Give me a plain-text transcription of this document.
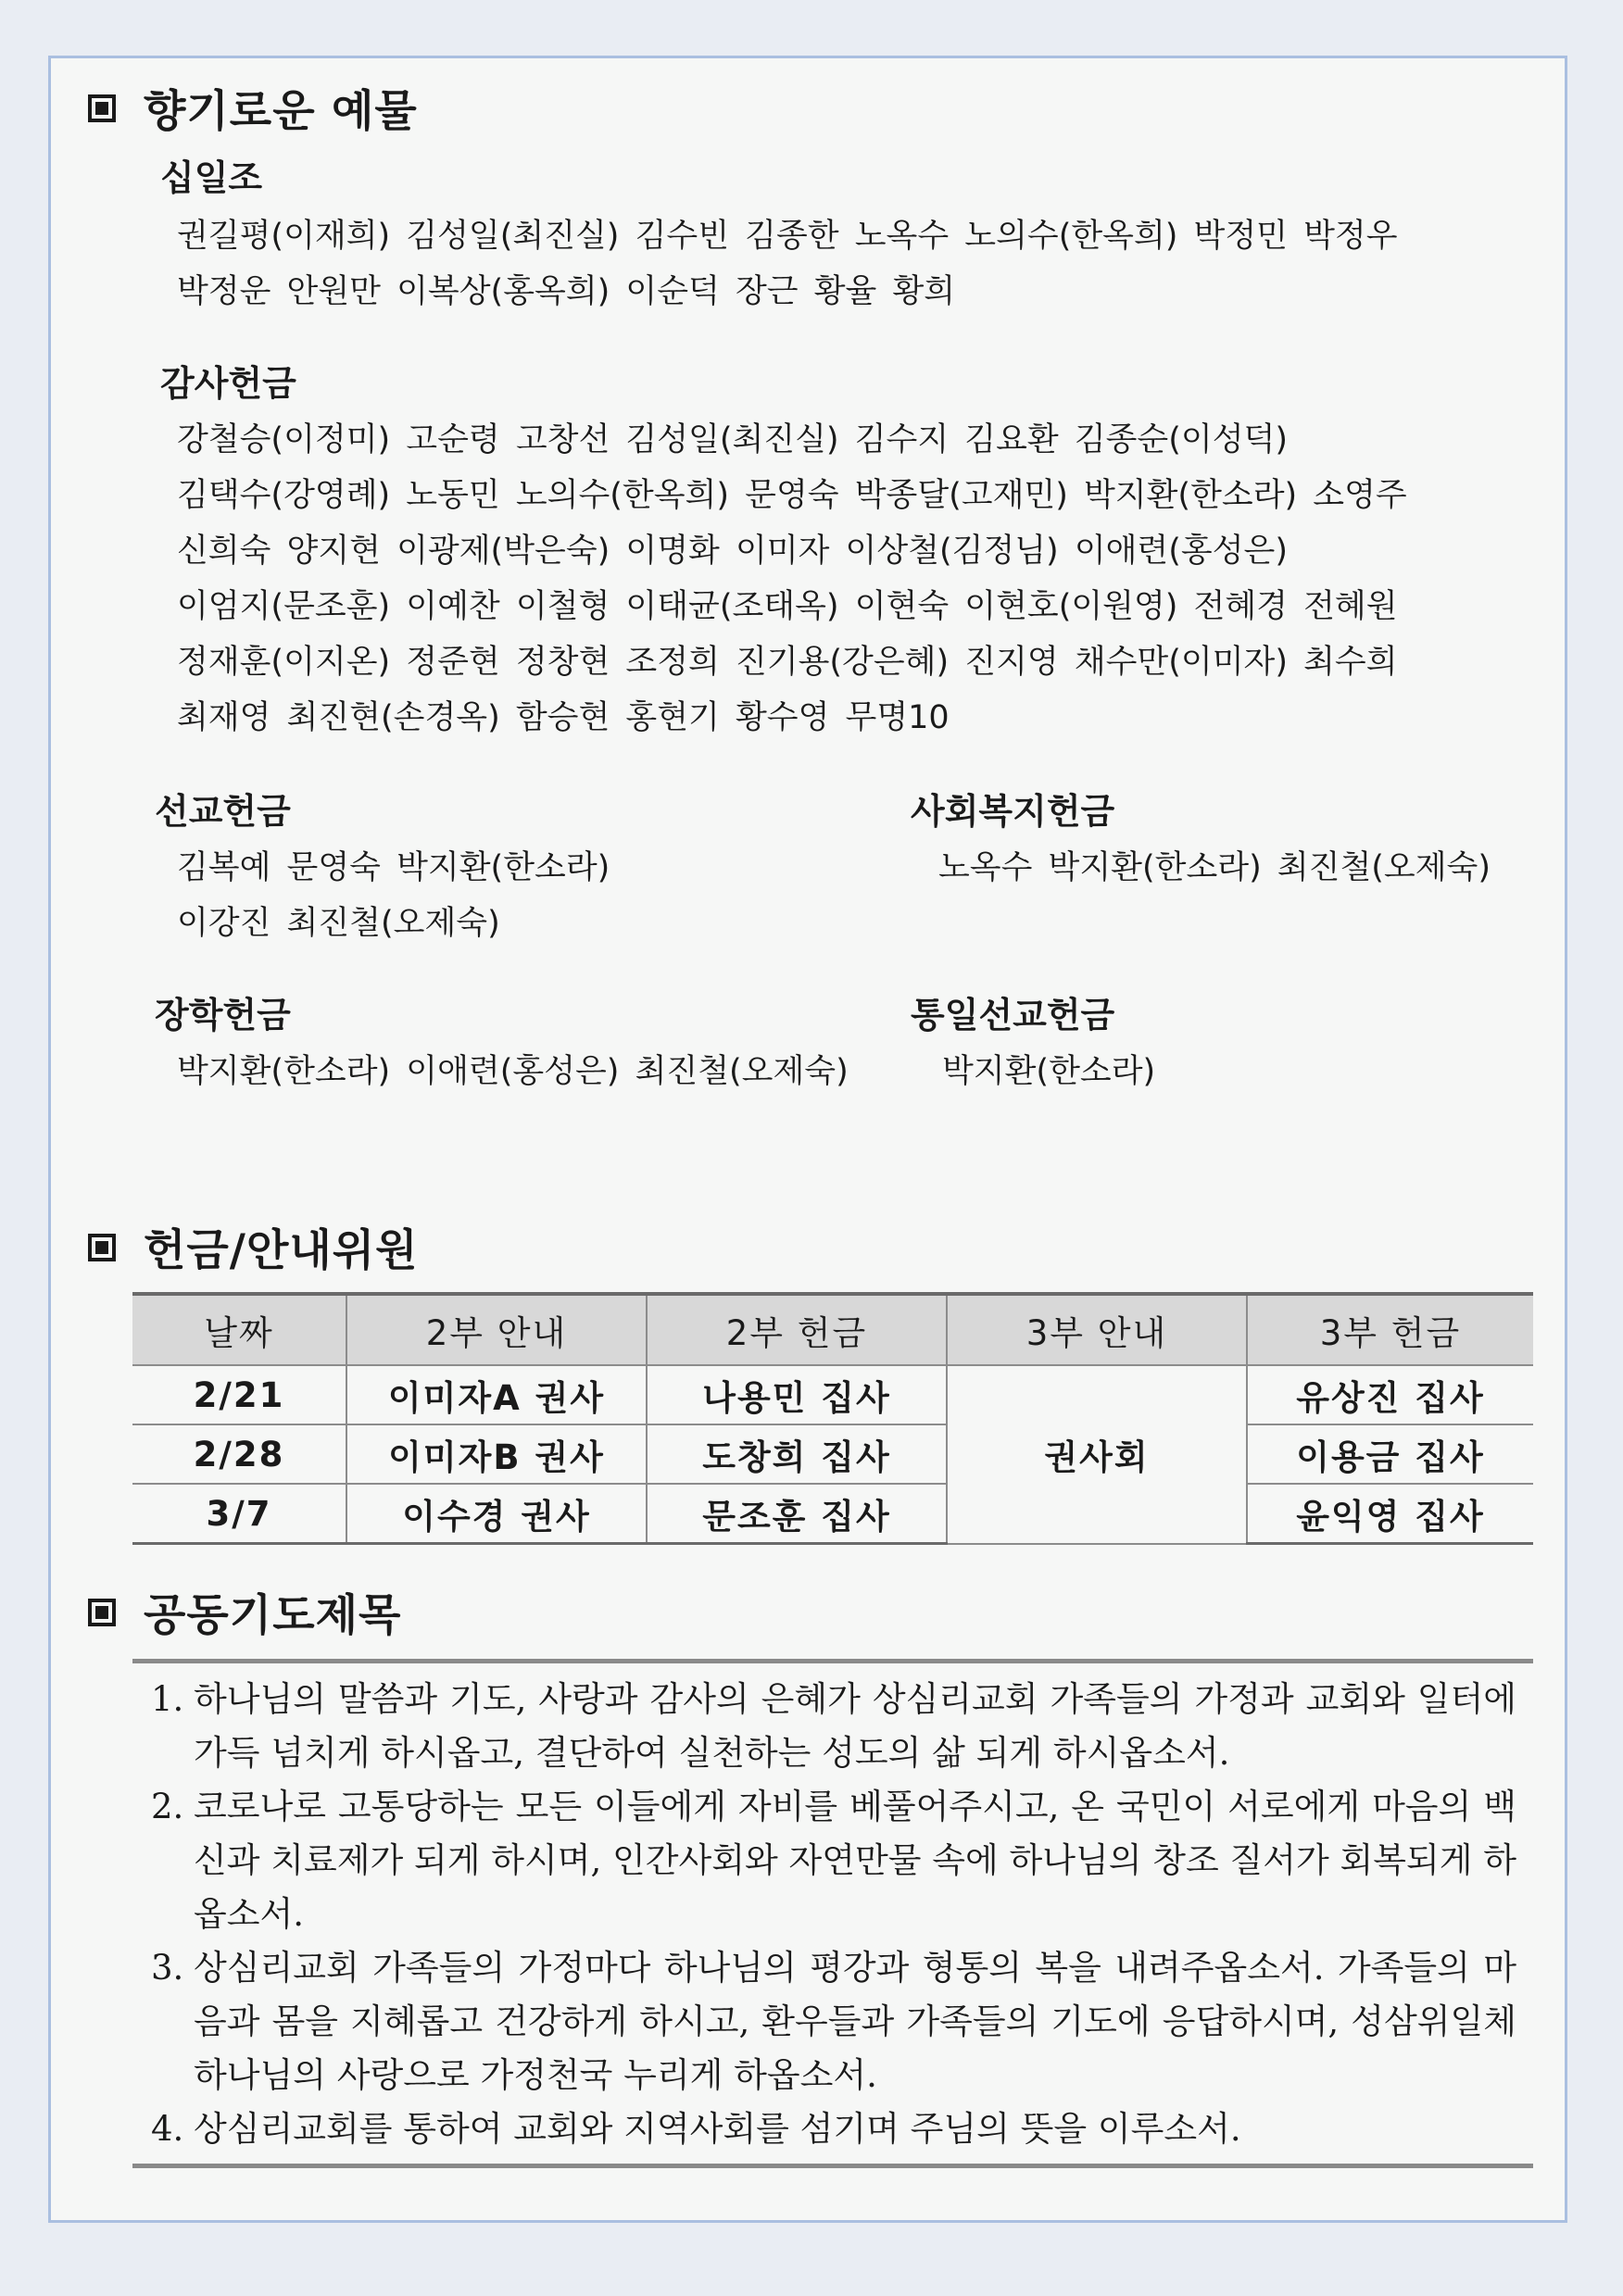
향기로운 예물
십일조
권길평(이재희) 김성일(최진실) 김수빈 김종한 노옥수 노의수(한옥희) 박정민 박정우
박정운 안원만 이복상(홍옥희) 이순덕 장근 황율 황희
감사헌금
강철승(이정미) 고순령 고창선 김성일(최진실) 김수지 김요환 김종순(이성덕)
김택수(강영례) 노동민 노의수(한옥희) 문영숙 박종달(고재민) 박지환(한소라) 소영주
신희숙 양지현 이광제(박은숙) 이명화 이미자 이상철(김정님) 이애련(홍성은)
이엄지(문조훈) 이예찬 이철형 이태균(조태옥) 이현숙 이현호(이원영) 전혜경 전혜원
정재훈(이지온) 정준현 정창현 조정희 진기용(강은혜) 진지영 채수만(이미자) 최수희
최재영 최진현(손경옥) 함승현 홍현기 황수영 무명10
선교헌금
김복예 문영숙 박지환(한소라)
이강진 최진철(오제숙)
사회복지헌금
노옥수 박지환(한소라) 최진철(오제숙)
장학헌금
박지환(한소라) 이애련(홍성은) 최진철(오제숙)
통일선교헌금
박지환(한소라)
헌금/안내위원
날짜	2부 안내	2부 헌금	3부 안내	3부 헌금
2/21	이미자A 권사	나용민 집사	권사회	유상진 집사
2/28	이미자B 권사	도창희 집사		이용금 집사
3/7	이수경 권사	문조훈 집사		윤익영 집사
공동기도제목
1. 하나님의 말씀과 기도, 사랑과 감사의 은혜가 상심리교회 가족들의 가정과 교회와 일터에 가득 넘치게 하시옵고, 결단하여 실천하는 성도의 삶 되게 하시옵소서.
2. 코로나로 고통당하는 모든 이들에게 자비를 베풀어주시고, 온 국민이 서로에게 마음의 백신과 치료제가 되게 하시며, 인간사회와 자연만물 속에 하나님의 창조 질서가 회복되게 하옵소서.
3. 상심리교회 가족들의 가정마다 하나님의 평강과 형통의 복을 내려주옵소서. 가족들의 마음과 몸을 지혜롭고 건강하게 하시고, 환우들과 가족들의 기도에 응답하시며, 성삼위일체 하나님의 사랑으로 가정천국 누리게 하옵소서.
4. 상심리교회를 통하여 교회와 지역사회를 섬기며 주님의 뜻을 이루소서.
